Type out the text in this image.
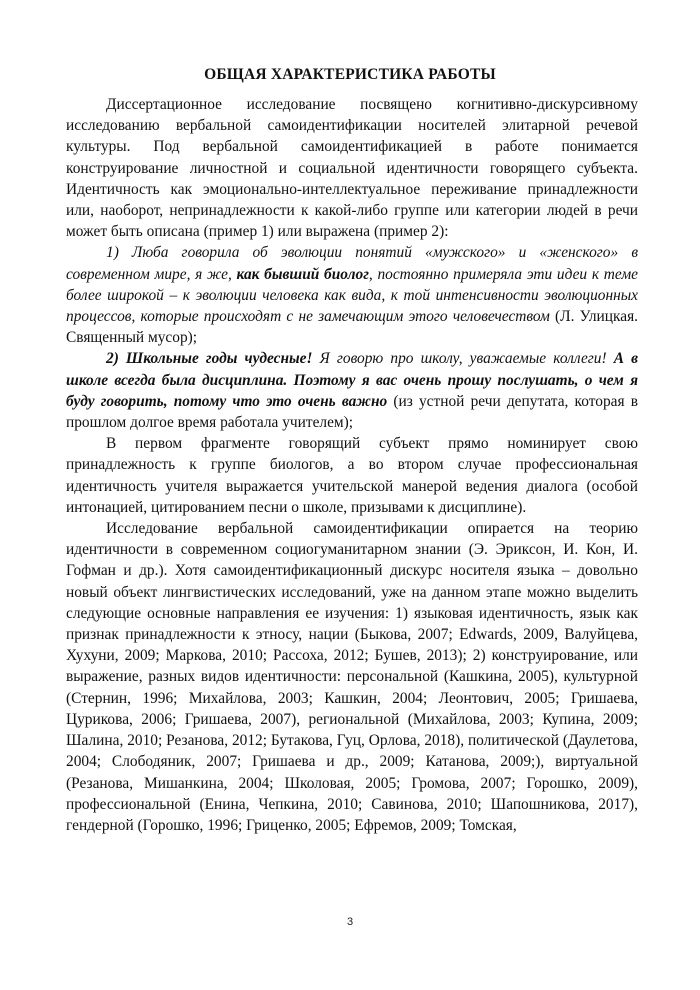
ОБЩАЯ ХАРАКТЕРИСТИКА РАБОТЫ

Диссертационное исследование посвящено когнитивно-дискурсивному исследованию вербальной самоидентификации носителей элитарной речевой культуры. Под вербальной самоидентификацией в работе понимается конструирование личностной и социальной идентичности говорящего субъекта. Идентичность как эмоционально-интеллектуальное переживание принадлежности или, наоборот, непринадлежности к какой-либо группе или категории людей в речи может быть описана (пример 1) или выражена (пример 2):

1) Люба говорила об эволюции понятий «мужского» и «женского» в современном мире, я же, как бывший биолог, постоянно примеряла эти идеи к теме более широкой – к эволюции человека как вида, к той интенсивности эволюционных процессов, которые происходят с не замечающим этого человечеством (Л. Улицкая. Священный мусор);

2) Школьные годы чудесные! Я говорю про школу, уважаемые коллеги! А в школе всегда была дисциплина. Поэтому я вас очень прошу послушать, о чем я буду говорить, потому что это очень важно (из устной речи депутата, которая в прошлом долгое время работала учителем);

В первом фрагменте говорящий субъект прямо номинирует свою принадлежность к группе биологов, а во втором случае профессиональная идентичность учителя выражается учительской манерой ведения диалога (особой интонацией, цитированием песни о школе, призывами к дисциплине).

Исследование вербальной самоидентификации опирается на теорию идентичности в современном социогуманитарном знании (Э. Эриксон, И. Кон, И. Гофман и др.). Хотя самоидентификационный дискурс носителя языка – довольно новый объект лингвистических исследований, уже на данном этапе можно выделить следующие основные направления ее изучения: 1) языковая идентичность, язык как признак принадлежности к этносу, нации (Быкова, 2007; Edwards, 2009, Валуйцева, Хухуни, 2009; Маркова, 2010; Рассоха, 2012; Бушев, 2013); 2) конструирование, или выражение, разных видов идентичности: персональной (Кашкина, 2005), культурной (Стернин, 1996; Михайлова, 2003; Кашкин, 2004; Леонтович, 2005; Гришаева, Цурикова, 2006; Гришаева, 2007), региональной (Михайлова, 2003; Купина, 2009; Шалина, 2010; Резанова, 2012; Бутакова, Гуц, Орлова, 2018), политической (Даулетова, 2004; Слободяник, 2007; Гришаева и др., 2009; Катанова, 2009;), виртуальной (Резанова, Мишанкина, 2004; Школовая, 2005; Громова, 2007; Горошко, 2009), профессиональной (Енина, Чепкина, 2010; Савинова, 2010; Шапошникова, 2017), гендерной (Горошко, 1996; Гриценко, 2005; Ефремов, 2009; Томская,

3
